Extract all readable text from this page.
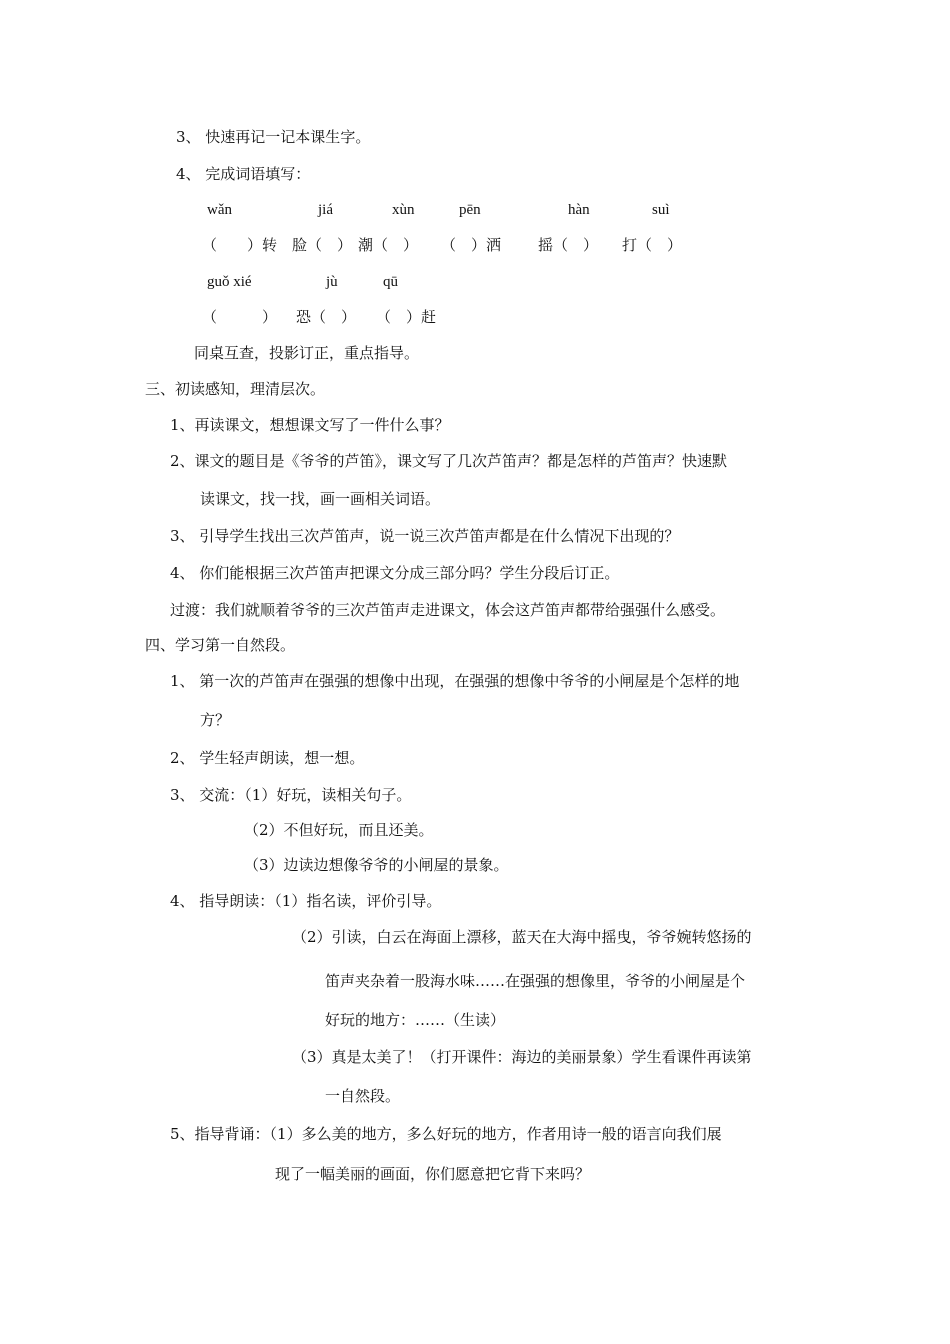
3、 快速再记一记本课生字。
4、 完成词语填写：
wǎn	jiá	xùn	pēn	hàn	suì
（　　）转　脸（　） 潮（　） （　）洒 摇（　） 打（　）
guǒ xié	jù	qū
（　　　） 恐（　） （　）赶
同桌互查，投影订正，重点指导。
三、初读感知，理清层次。
1、再读课文，想想课文写了一件什么事？
2、课文的题目是《爷爷的芦笛》，课文写了几次芦笛声？都是怎样的芦笛声？快速默
读课文，找一找，画一画相关词语。
3、 引导学生找出三次芦笛声，说一说三次芦笛声都是在什么情况下出现的？
4、 你们能根据三次芦笛声把课文分成三部分吗？学生分段后订正。
过渡：我们就顺着爷爷的三次芦笛声走进课文，体会这芦笛声都带给强强什么感受。
四、学习第一自然段。
1、 第一次的芦笛声在强强的想像中出现，在强强的想像中爷爷的小闸屋是个怎样的地
方？
2、 学生轻声朗读，想一想。
3、 交流：（1）好玩，读相关句子。
（2）不但好玩，而且还美。
（3）边读边想像爷爷的小闸屋的景象。
4、 指导朗读：（1）指名读，评价引导。
（2）引读，白云在海面上漂移，蓝天在大海中摇曳，爷爷婉转悠扬的
笛声夹杂着一股海水味……在强强的想像里，爷爷的小闸屋是个
好玩的地方：……（生读）
（3）真是太美了！（打开课件：海边的美丽景象）学生看课件再读第
一自然段。
5、指导背诵：（1）多么美的地方，多么好玩的地方，作者用诗一般的语言向我们展
现了一幅美丽的画面，你们愿意把它背下来吗？
